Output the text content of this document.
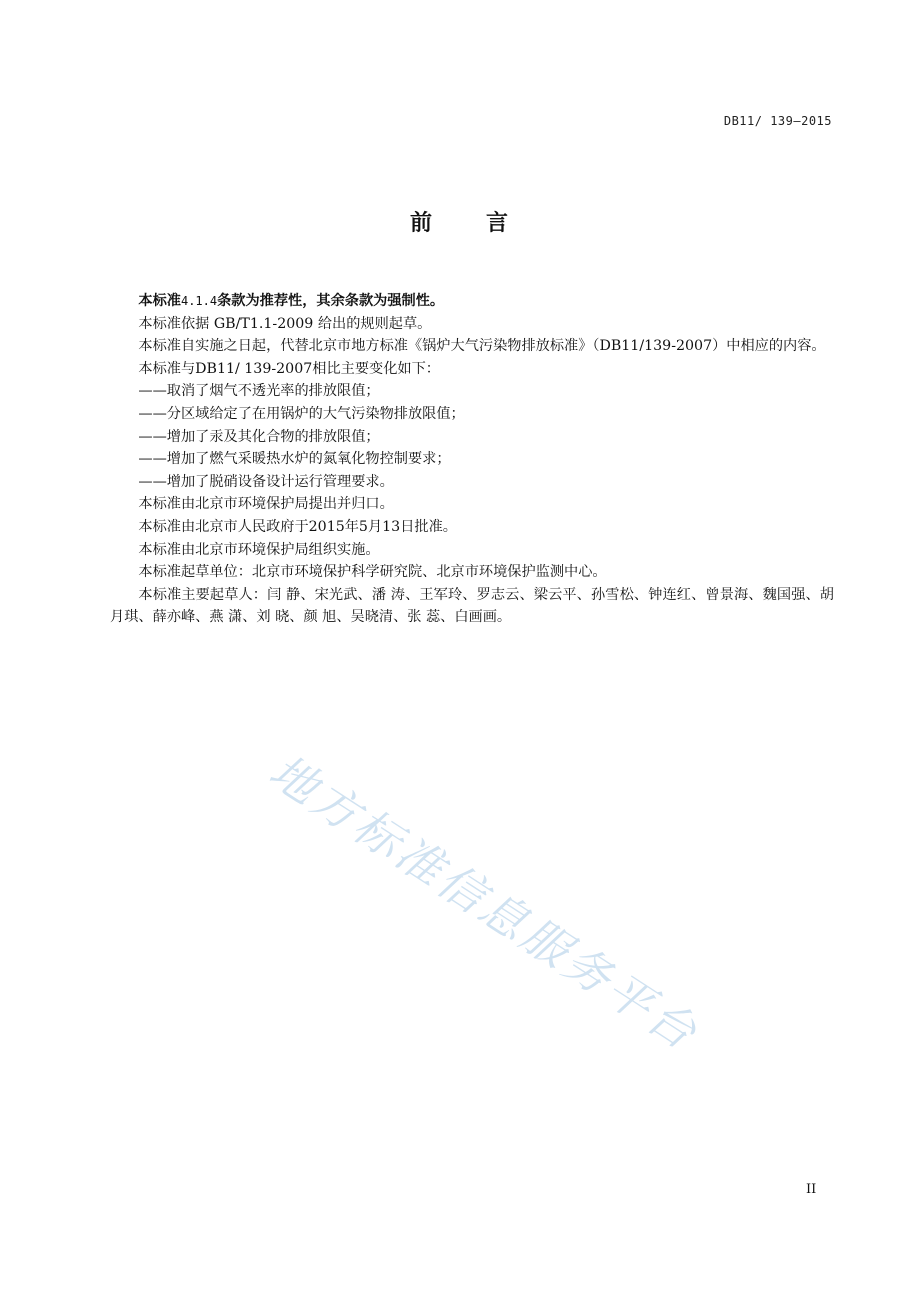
DB11/ 139—2015
前 言

本标准4.1.4条款为推荐性，其余条款为强制性。

本标准依据 GB/T1.1-2009 给出的规则起草。

本标准自实施之日起，代替北京市地方标准《锅炉大气污染物排放标准》（DB11/139-2007）中相应的内容。

本标准与DB11/ 139-2007相比主要变化如下：

——取消了烟气不透光率的排放限值；

——分区域给定了在用锅炉的大气污染物排放限值；

——增加了汞及其化合物的排放限值；

——增加了燃气采暖热水炉的氮氧化物控制要求；

——增加了脱硝设备设计运行管理要求。

本标准由北京市环境保护局提出并归口。

本标准由北京市人民政府于2015年5月13日批准。

本标准由北京市环境保护局组织实施。

本标准起草单位：北京市环境保护科学研究院、北京市环境保护监测中心。

本标准主要起草人：闫 静、宋光武、潘 涛、王军玲、罗志云、梁云平、孙雪松、钟连红、曾景海、魏国强、胡月琪、薛亦峰、燕 潇、刘 晓、颜 旭、吴晓清、张 蕊、白画画。

地方标准信息服务平台
II
